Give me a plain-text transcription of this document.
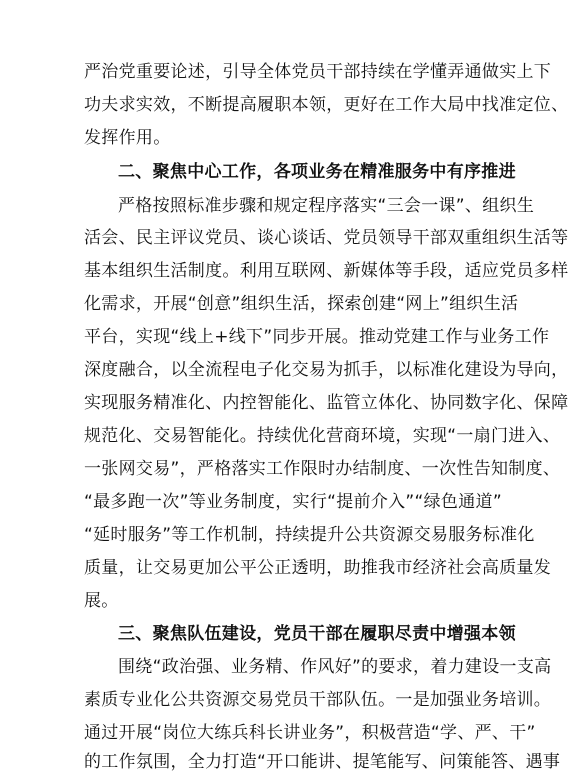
严治党重要论述，引导全体党员干部持续在学懂弄通做实上下
功夫求实效，不断提高履职本领，更好在工作大局中找准定位、
发挥作用。
二、聚焦中心工作，各项业务在精准服务中有序推进
严格按照标准步骤和规定程序落实“三会一课”、组织生
活会、民主评议党员、谈心谈话、党员领导干部双重组织生活等
基本组织生活制度。利用互联网、新媒体等手段，适应党员多样
化需求，开展“创意”组织生活，探索创建“网上”组织生活
平台，实现“线上+线下”同步开展。推动党建工作与业务工作
深度融合，以全流程电子化交易为抓手，以标准化建设为导向，
实现服务精准化、内控智能化、监管立体化、协同数字化、保障
规范化、交易智能化。持续优化营商环境，实现“一扇门进入、
一张网交易”，严格落实工作限时办结制度、一次性告知制度、
“最多跑一次”等业务制度，实行“提前介入”“绿色通道”
“延时服务”等工作机制，持续提升公共资源交易服务标准化
质量，让交易更加公平公正透明，助推我市经济社会高质量发
展。
三、聚焦队伍建设，党员干部在履职尽责中增强本领
围绕“政治强、业务精、作风好”的要求，着力建设一支高
素质专业化公共资源交易党员干部队伍。一是加强业务培训。
通过开展“岗位大练兵科长讲业务”，积极营造“学、严、干”
的工作氛围，全力打造“开口能讲、提笔能写、问策能答、遇事
